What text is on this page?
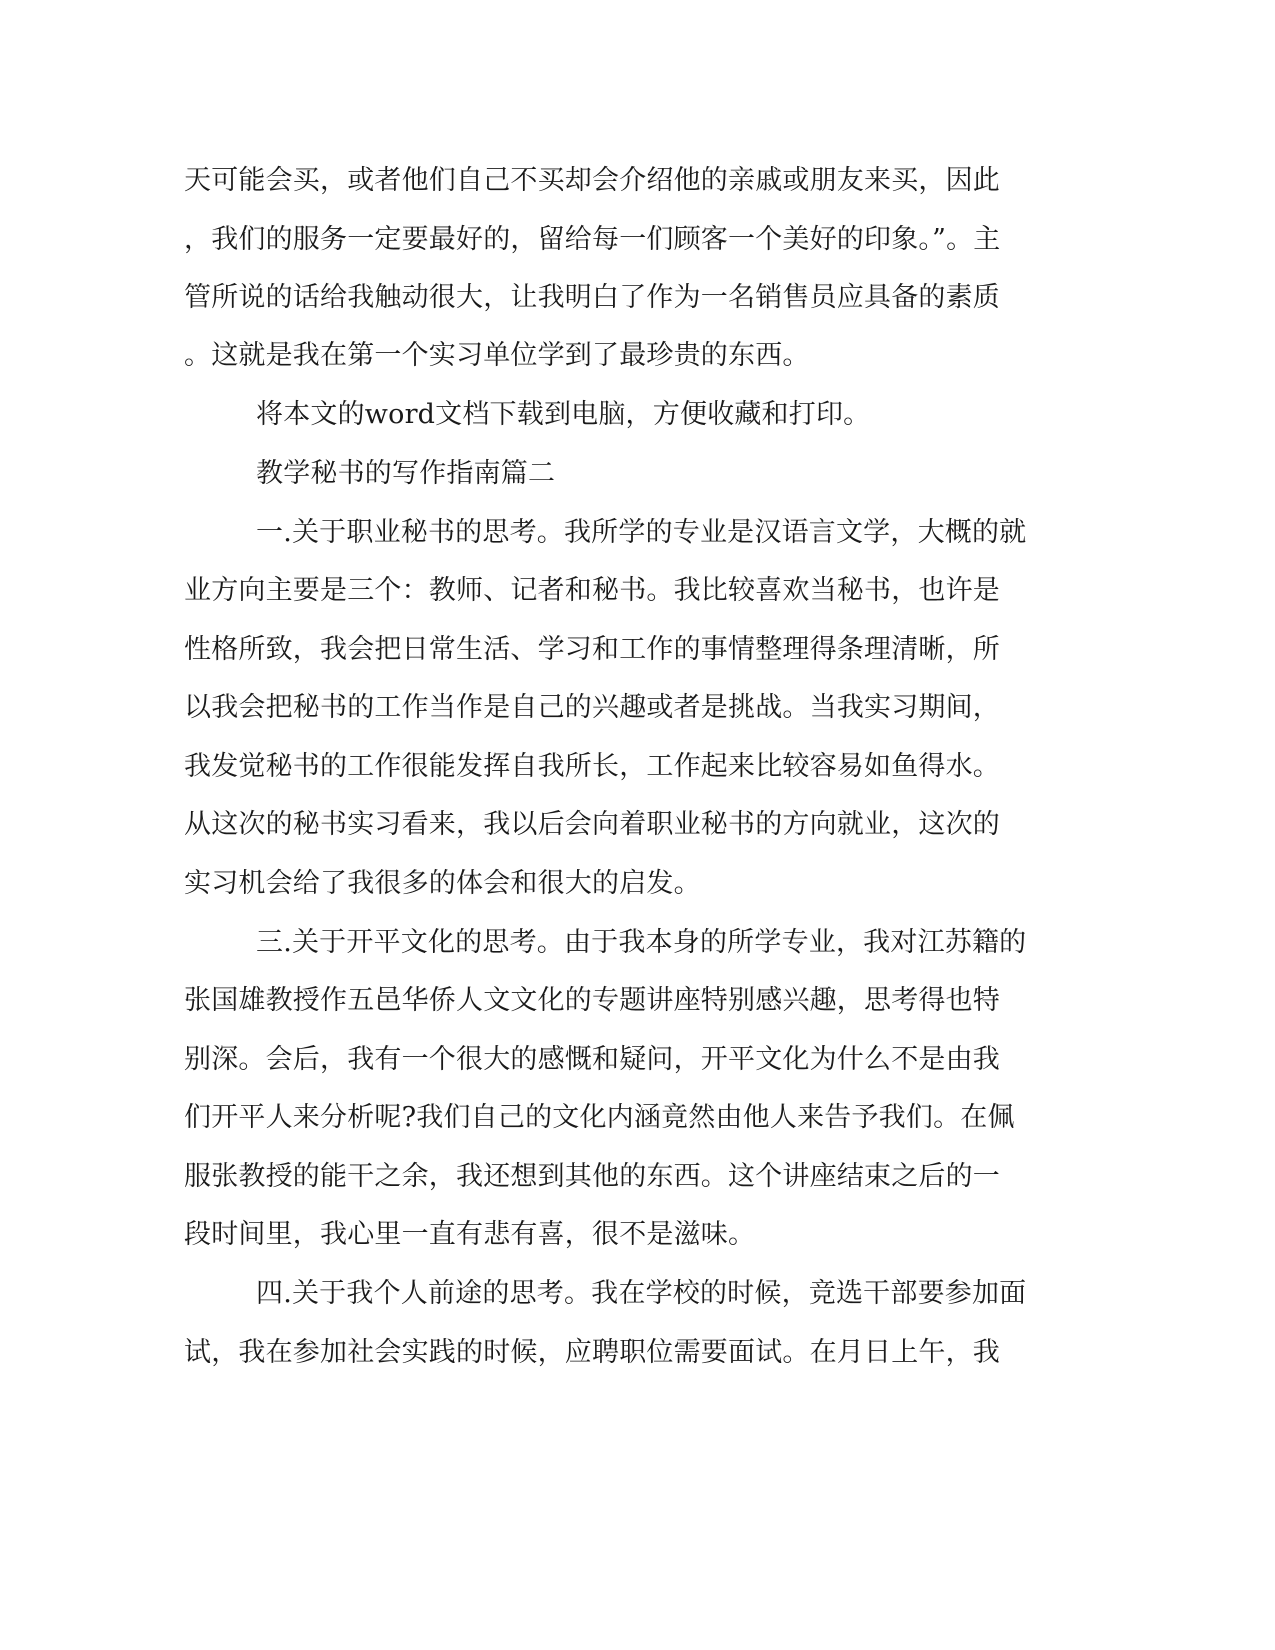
天可能会买，或者他们自己不买却会介绍他的亲戚或朋友来买，因此
，我们的服务一定要最好的，留给每一们顾客一个美好的印象。”。主
管所说的话给我触动很大，让我明白了作为一名销售员应具备的素质
。这就是我在第一个实习单位学到了最珍贵的东西。
将本文的word文档下载到电脑，方便收藏和打印。
教学秘书的写作指南篇二
一.关于职业秘书的思考。我所学的专业是汉语言文学，大概的就
业方向主要是三个：教师、记者和秘书。我比较喜欢当秘书，也许是
性格所致，我会把日常生活、学习和工作的事情整理得条理清晰，所
以我会把秘书的工作当作是自己的兴趣或者是挑战。当我实习期间，
我发觉秘书的工作很能发挥自我所长，工作起来比较容易如鱼得水。
从这次的秘书实习看来，我以后会向着职业秘书的方向就业，这次的
实习机会给了我很多的体会和很大的启发。
三.关于开平文化的思考。由于我本身的所学专业，我对江苏籍的
张国雄教授作五邑华侨人文文化的专题讲座特别感兴趣，思考得也特
别深。会后，我有一个很大的感慨和疑问，开平文化为什么不是由我
们开平人来分析呢?我们自己的文化内涵竟然由他人来告予我们。在佩
服张教授的能干之余，我还想到其他的东西。这个讲座结束之后的一
段时间里，我心里一直有悲有喜，很不是滋味。
四.关于我个人前途的思考。我在学校的时候，竞选干部要参加面
试，我在参加社会实践的时候，应聘职位需要面试。在月日上午，我
